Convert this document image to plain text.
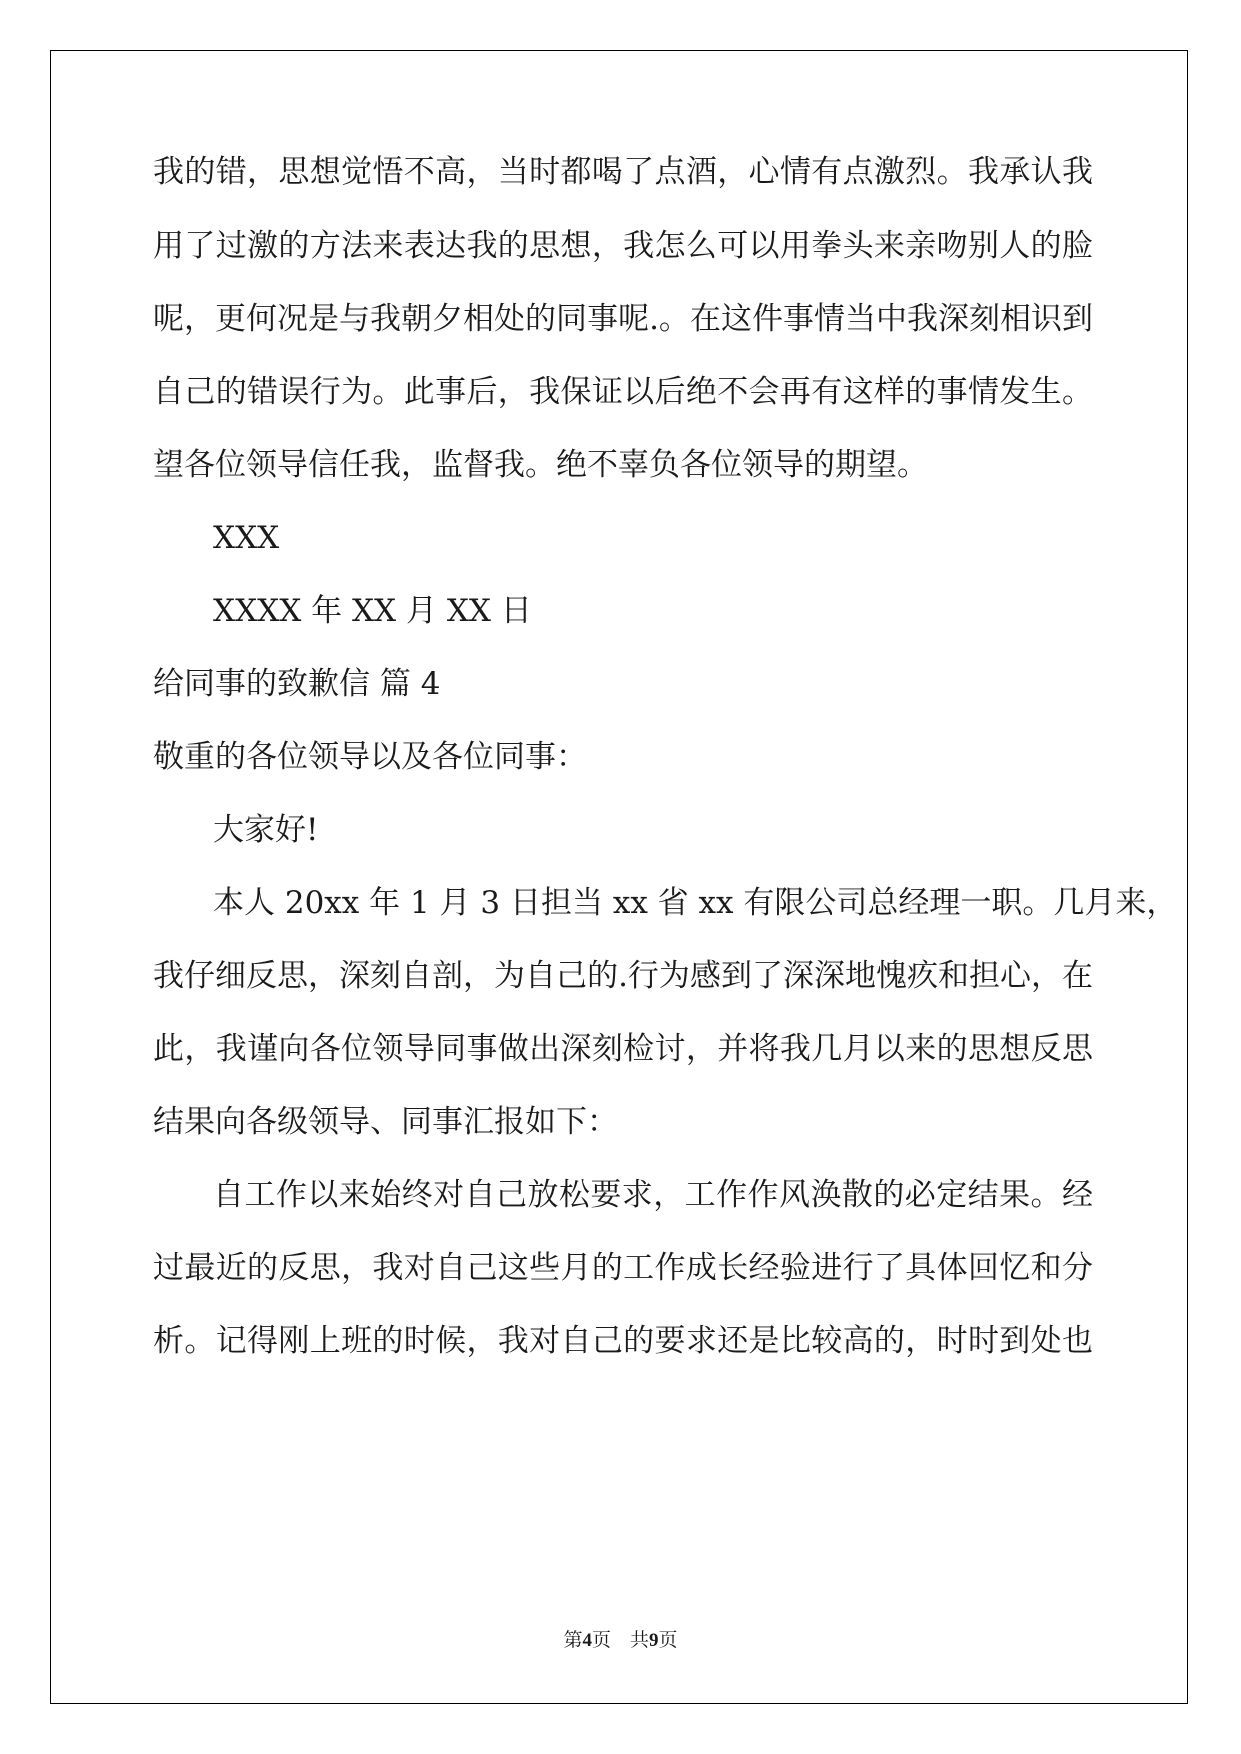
我的错，思想觉悟不高，当时都喝了点酒，心情有点激烈。我承认我
用了过激的方法来表达我的思想，我怎么可以用拳头来亲吻别人的脸
呢，更何况是与我朝夕相处的同事呢.。在这件事情当中我深刻相识到
自己的错误行为。此事后，我保证以后绝不会再有这样的事情发生。
望各位领导信任我，监督我。绝不辜负各位领导的期望。
XXX
XXXX 年 XX 月 XX 日
给同事的致歉信 篇 4
敬重的各位领导以及各位同事：
大家好!
本人 20xx 年 1 月 3 日担当 xx 省 xx 有限公司总经理一职。几月来，
我仔细反思，深刻自剖，为自己的.行为感到了深深地愧疚和担心，在
此，我谨向各位领导同事做出深刻检讨，并将我几月以来的思想反思
结果向各级领导、同事汇报如下：
自工作以来始终对自己放松要求，工作作风涣散的必定结果。经
过最近的反思，我对自己这些月的工作成长经验进行了具体回忆和分
析。记得刚上班的时候，我对自己的要求还是比较高的，时时到处也
第4页　共9页
